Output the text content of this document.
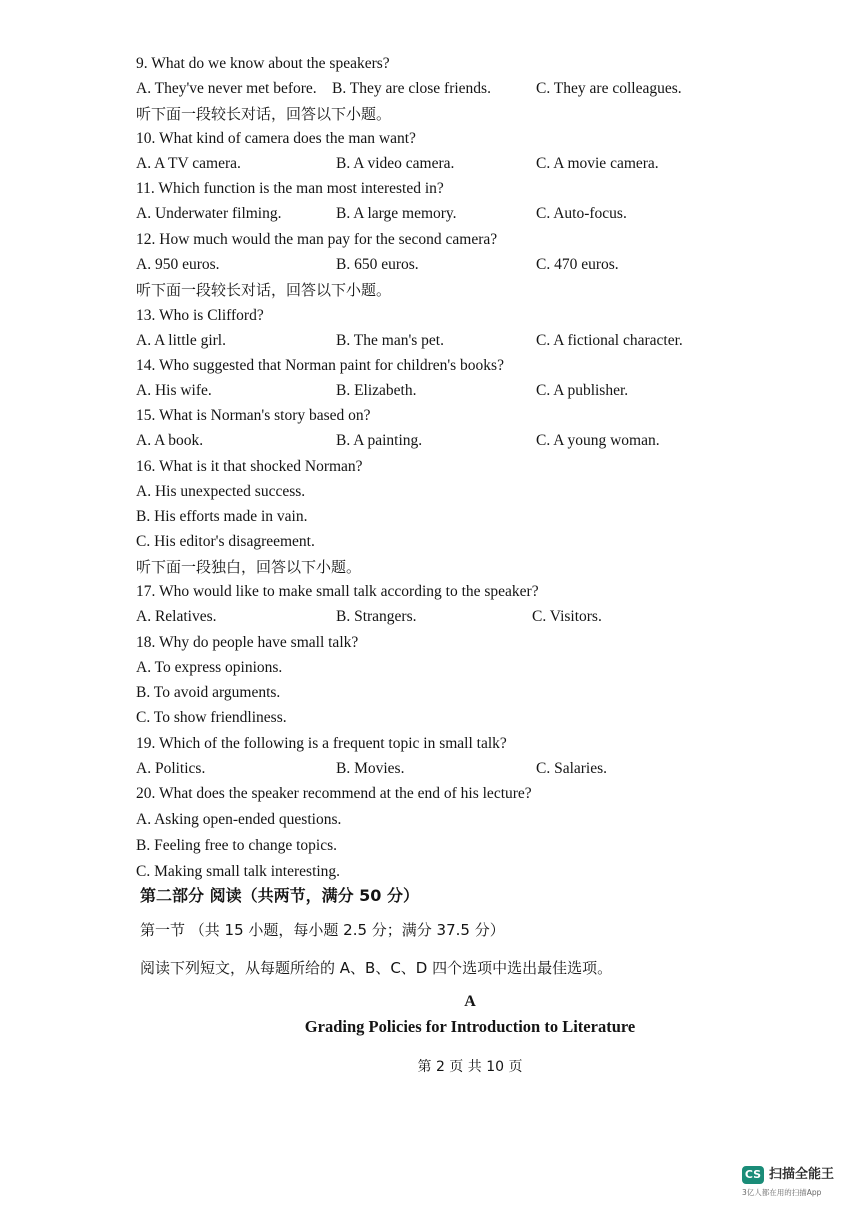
9. What do we know about the speakers?
A. They've never met before. B. They are close friends.	C. They are colleagues.
听下面一段较长对话，回答以下小题。
10. What kind of camera does the man want?
A. A TV camera.	B. A video camera.	C. A movie camera.
11. Which function is the man most interested in?
A. Underwater filming.	B. A large memory.	C. Auto-focus.
12. How much would the man pay for the second camera?
A. 950 euros.	B. 650 euros.	C. 470 euros.
听下面一段较长对话，回答以下小题。
13. Who is Clifford?
A. A little girl.	B. The man's pet.	C. A fictional character.
14. Who suggested that Norman paint for children's books?
A. His wife.	B. Elizabeth.	C. A publisher.
15. What is Norman's story based on?
A. A book.	B. A painting.	C. A young woman.
16. What is it that shocked Norman?
A. His unexpected success.
B. His efforts made in vain.
C. His editor's disagreement.
听下面一段独白，回答以下小题。
17. Who would like to make small talk according to the speaker?
A. Relatives.	B. Strangers.	C. Visitors.
18. Why do people have small talk?
A. To express opinions.
B. To avoid arguments.
C. To show friendliness.
19. Which of the following is a frequent topic in small talk?
A. Politics.	B. Movies.	C. Salaries.
20. What does the speaker recommend at the end of his lecture?
A. Asking open-ended questions.
B. Feeling free to change topics.
C. Making small talk interesting.
第二部分 阅读（共两节，满分 50 分）
第一节 （共 15 小题，每小题 2.5 分；满分 37.5 分）
阅读下列短文，从每题所给的 A、B、C、D 四个选项中选出最佳选项。
A
Grading Policies for Introduction to Literature
第 2 页 共 10 页
CS 扫描全能王
3亿人都在用的扫描App
